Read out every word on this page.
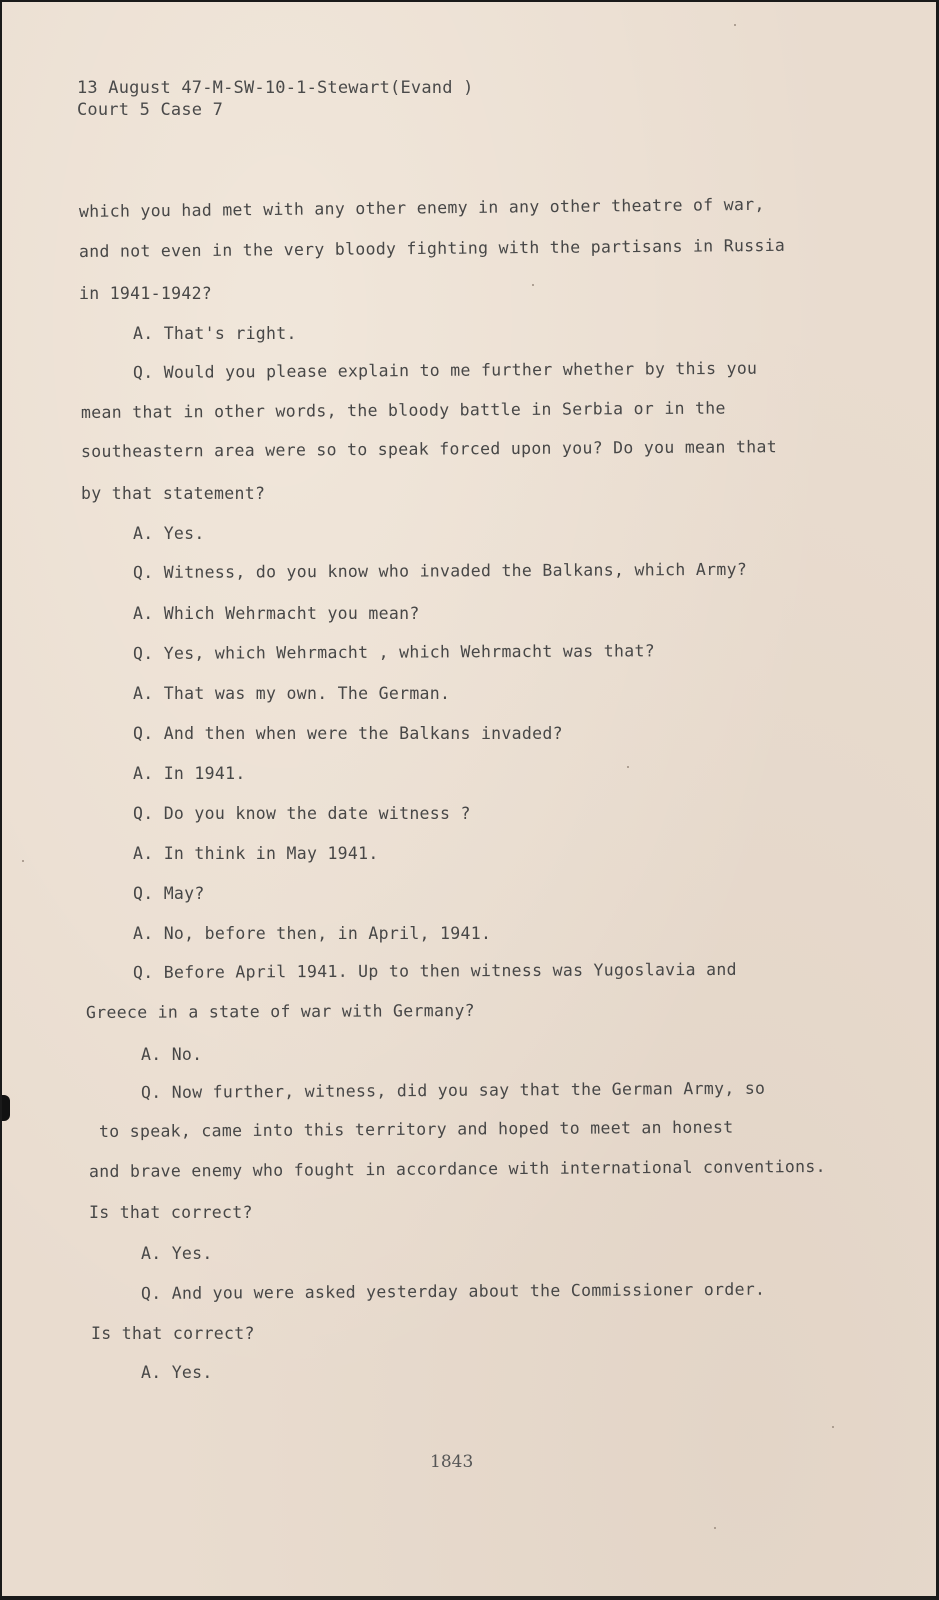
13 August 47-M-SW-10-1-Stewart(Evand )
Court 5 Case 7
which you had met with any other enemy in any other theatre of war,
and not even in the very bloody fighting with the partisans in Russia
in 1941-1942?
A. That's right.
Q. Would you please explain to me further whether by this you
mean that in other words, the bloody battle in Serbia or in the
southeastern area were so to speak forced upon you? Do you mean that
by that statement?
A. Yes.
Q. Witness, do you know who invaded the Balkans, which Army?
A. Which Wehrmacht you mean?
Q. Yes, which Wehrmacht , which Wehrmacht was that?
A. That was my own. The German.
Q. And then when were the Balkans invaded?
A. In 1941.
Q. Do you know the date witness ?
A. In think in May 1941.
Q. May?
A. No, before then, in April, 1941.
Q. Before April 1941. Up to then witness was Yugoslavia and
Greece in a state of war with Germany?
A. No.
Q. Now further, witness, did you say that the German Army, so
to speak, came into this territory and hoped to meet an honest
and brave enemy who fought in accordance with international conventions.
Is that correct?
A. Yes.
Q. And you were asked yesterday about the Commissioner order.
Is that correct?
A. Yes.
1843
